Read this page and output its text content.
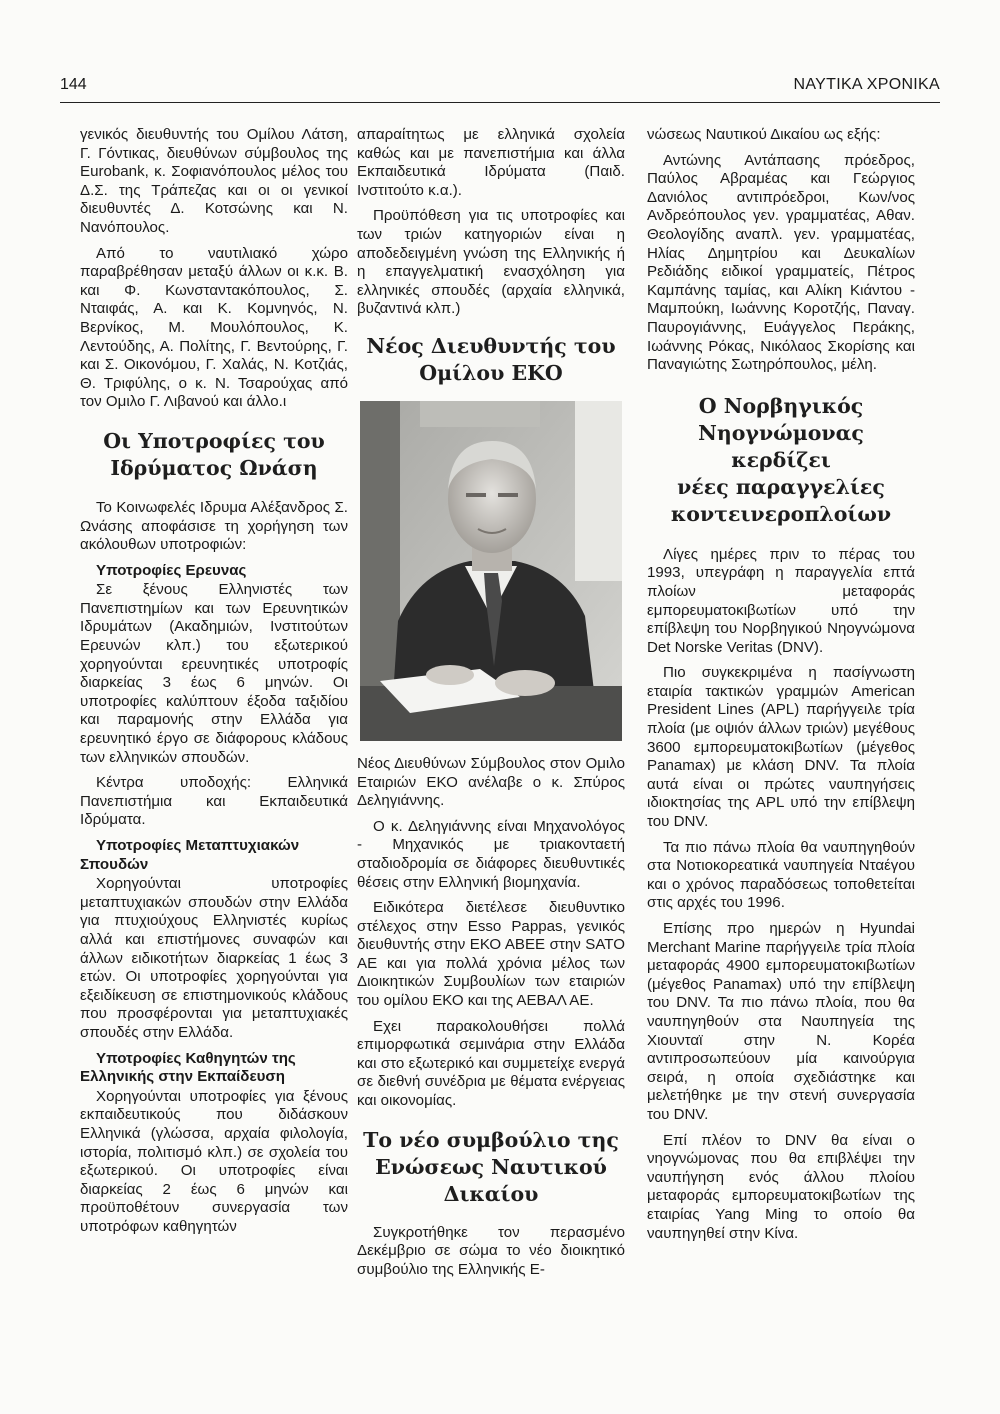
144	ΝΑΥΤΙΚΑ ΧΡΟΝΙΚΑ

γενικός διευθυντής του Ομίλου Λάτση, Γ. Γόντικας, διευθύνων σύμβουλος της Eurobank, κ. Σοφιανόπουλος μέλος του Δ.Σ. της Τράπεζας και οι οι γενικοί διευθυντές Δ. Κοτσώνης και Ν. Νανόπουλος.

Από το ναυτιλιακό χώρο παραβρέθησαν μεταξύ άλλων οι κ.κ. Β. και Φ. Κωνσταντακόπουλος, Σ. Νταιφάς, Α. και Κ. Κομνηνός, Ν. Βερνίκος, Μ. Μουλόπουλος, Κ. Λεντούδης, Α. Πολίτης, Γ. Βεντούρης, Γ. και Σ. Οικονόμου, Γ. Χαλάς, Ν. Κοτζιάς, Θ. Τριφύλης, ο κ. Ν. Τσαρούχας από τον Ομιλο Γ. Λιβανού και άλλο.ι

Οι Υποτροφίες του
Ιδρύματος Ωνάση

Το Κοινωφελές Ιδρυμα Αλέξανδρος Σ. Ωνάσης αποφάσισε τη χορήγηση των ακόλουθων υποτροφιών:

Υποτροφίες Ερευνας

Σε ξένους Ελληνιστές των Πανεπιστημίων και των Ερευνητικών Ιδρυμάτων (Ακαδημιών, Ινστιτούτων Ερευνών κλπ.) του εξωτερικού χορηγούνται ερευνητικές υποτροφίς διαρκείας 3 έως 6 μηνών. Οι υποτροφίες καλύπτουν έξοδα ταξιδίου και παραμονής στην Ελλάδα για ερευνητικό έργο σε διάφορους κλάδους των ελληνικών σπουδών.

Κέντρα υποδοχής: Ελληνικά Πανεπιστήμια και Εκπαιδευτικά Ιδρύματα.

Υποτροφίες Μεταπτυχιακών Σπουδών

Χορηγούνται υποτροφίες μεταπτυχιακών σπουδών στην Ελλάδα για πτυχιούχους Ελληνιστές κυρίως αλλά και επιστήμονες συναφών και άλλων ειδικοτήτων διαρκείας 1 έως 3 ετών. Οι υποτροφίες χορηγούνται για εξειδίκευση σε επιστημονικούς κλάδους που προσφέρονται για μεταπτυχιακές σπουδές στην Ελλάδα.

Υποτροφίες Καθηγητών της Ελληνικής στην Εκπαίδευση

Χορηγούνται υποτροφίες για ξένους εκπαιδευτικούς που διδάσκουν Ελληνικά (γλώσσα, αρχαία φιλολογία, ιστορία, πολιτισμό κλπ.) σε σχολεία του εξωτερικού. Οι υποτροφίες είναι διαρκείας 2 έως 6 μηνών και προϋποθέτουν συνεργασία των υποτρόφων καθηγητών

απαραίτητως με ελληνικά σχολεία καθώς και με πανεπιστήμια και άλλα Εκπαιδευτικά Ιδρύματα (Παιδ. Ινστιτούτο κ.α.).

Προϋπόθεση για τις υποτροφίες και των τριών κατηγοριών είναι η αποδεδειγμένη γνώση της Ελληνικής ή η επαγγελματική ενασχόληση για ελληνικές σπουδές (αρχαία ελληνικά, βυζαντινά κλπ.)

Νέος Διευθυντής του
Ομίλου ΕΚΟ

Νέος Διευθύνων Σύμβουλος στον Ομιλο Εταιριών ΕΚΟ ανέλαβε ο κ. Σπύρος Δεληγιάννης.

Ο κ. Δεληγιάννης είναι Μηχανολόγος - Μηχανικός με τριακονταετή σταδιοδρομία σε διάφορες διευθυντικές θέσεις στην Ελληνική βιομηχανία.

Ειδικότερα διετέλεσε διευθυντικο στέλεχος στην Esso Pappas, γενικός διευθυντής στην ΕΚΟ ΑΒΕΕ στην SATO AE και για πολλά χρόνια μέλος των Διοικητικών Συμβουλίων των εταιριών του ομίλου ΕΚΟ και της ΑΕΒΑΛ ΑΕ.

Εχει παρακολουθήσει πολλά επιμορφωτικά σεμινάρια στην Ελλάδα και στο εξωτερικό και συμμετείχε ενεργά σε διεθνή συνέδρια με θέματα ενέργειας και οικονομίας.

Το νέο συμβούλιο της
Ενώσεως Ναυτικού
Δικαίου

Συγκροτήθηκε τον περασμένο Δεκέμβριο σε σώμα το νέο διοικητικό συμβούλιο της Ελληνικής Ε-

νώσεως Ναυτικού Δικαίου ως εξής:

Αντώνης Αντάπασης πρόεδρος, Παύλος Αβραμέας και Γεώργιος Δανιόλος αντιπρόεδροι, Κων/νος Ανδρεόπουλος γεν. γραμματέας, Αθαν. Θεολογίδης αναπλ. γεν. γραμματέας, Ηλίας Δημητρίου και Δευκαλίων Ρεδιάδης ειδικοί γραμματείς, Πέτρος Καμπάνης ταμίας, και Αλίκη Κιάντου - Μαμπούκη, Ιωάννης Κοροτζής, Παναγ. Παυρογιάννης, Ευάγγελος Περάκης, Ιωάννης Ρόκας, Νικόλαος Σκορίσης και Παναγιώτης Σωτηρόπουλος, μέλη.

Ο Νορβηγικός
Νηογνώμονας κερδίζει
νέες παραγγελίες
κοντεινεροπλοίων

Λίγες ημέρες πριν το πέρας του 1993, υπεγράφη η παραγγελία επτά πλοίων μεταφοράς εμπορευματοκιβωτίων υπό την επίβλεψη του Νορβηγικού Νηογνώμονα Det Norske Veritas (DNV).

Πιο συγκεκριμένα η πασίγνωστη εταιρία τακτικών γραμμών American President Lines (APL) παρήγγειλε τρία πλοία (με οψιόν άλλων τριών) μεγέθους 3600 εμπορευματοκιβωτίων (μέγεθος Panamax) με κλάση DNV. Τα πλοία αυτά είναι οι πρώτες ναυπηγήσεις ιδιοκτησίας της APL υπό την επίβλεψη του DNV.

Τα πιο πάνω πλοία θα ναυπηγηθούν στα Νοτιοκορεατικά ναυπηγεία Νταέγου και ο χρόνος παραδόσεως τοποθετείται στις αρχές του 1996.

Επίσης προ ημερών η Hyundai Merchant Marine παρήγγειλε τρία πλοία μεταφοράς 4900 εμπορευματοκιβωτίων (μέγεθος Panamax) υπό την επίβλεψη του DNV. Τα πιο πάνω πλοία, που θα ναυπηγηθούν στα Ναυπηγεία της Χιουνταϊ στην Ν. Κορέα αντιπροσωπεύουν μία καινούργια σειρά, η οποία σχεδιάστηκε και μελετήθηκε με την στενή συνεργασία του DNV.

Επί πλέον το DNV θα είναι ο νηογνώμονας που θα επιβλέψει την ναυπήγηση ενός άλλου πλοίου μεταφοράς εμπορευματοκιβωτίων της εταιρίας Yang Ming το οποίο θα ναυπηγηθεί στην Κίνα.
